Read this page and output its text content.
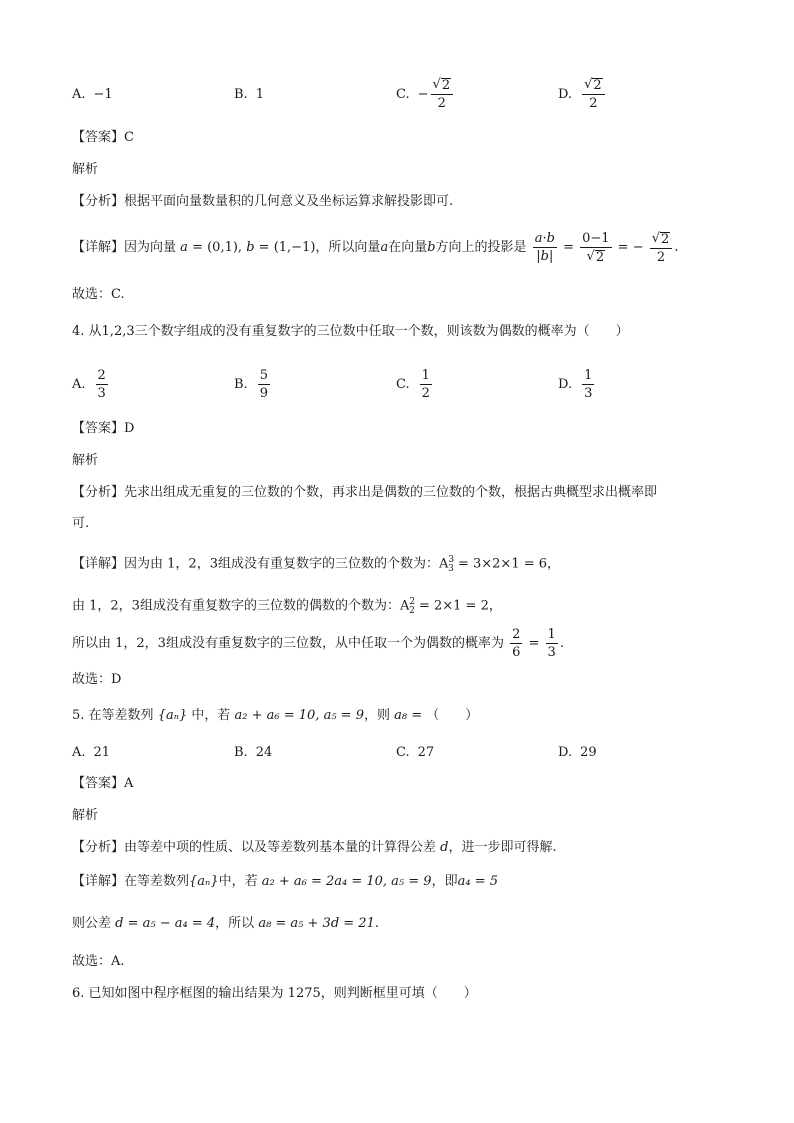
A. −1	B. 1	C. − $\frac{√ 2}{2}$	D. $\frac{√ 2}{2}$
【答案】C
解析
【分析】根据平面向量数量积的几何意义及坐标运算求解投影即可.
【详解】因为向量 a = (0,1), b = (1,−1)，所以向量a在向量b方向上的投影是 $\frac{a\cdot b}{|b|} = \frac{0-1}{√ 2}$ = − $\frac{√ 2}{2}$ .
故选：C.
4. 从1,2,3三个数字组成的没有重复数字的三位数中任取一个数，则该数为偶数的概率为（　　）
A. $\frac{2}{3}$	B. $\frac{5}{9}$	C. $\frac{1}{2}$	D. $\frac{1}{3}$
【答案】D
解析
【分析】先求出组成无重复的三位数的个数，再求出是偶数的三位数的个数，根据古典概型求出概率即
可.
【详解】因为由 1，2，3组成没有重复数字的三位数的个数为：$A^3_3 = 3\times 2\times 1 = 6$，
由 1，2，3组成没有重复数字的三位数的偶数的个数为：$A^2_2 = 2\times 1 = 2$，
所以由 1，2，3组成没有重复数字的三位数，从中任取一个为偶数的概率为 $\frac{2}{6} = \frac{1}{3}$ .
故选：D
5. 在等差数列 {aₙ} 中，若 a₂ + a₆ = 10, a₅ = 9，则 a₈ = （　　）
A. 21	B. 24	C. 27	D. 29
【答案】A
解析
【分析】由等差中项的性质、以及等差数列基本量的计算得公差 d，进一步即可得解.
【详解】在等差数列{aₙ}中，若 a₂ + a₆ = 2a₄ = 10, a₅ = 9，即a₄ = 5
则公差 d = a₅ − a₄ = 4，所以 a₈ = a₅ + 3d = 21.
故选：A.
6. 已知如图中程序框图的输出结果为 1275，则判断框里可填（　　）
